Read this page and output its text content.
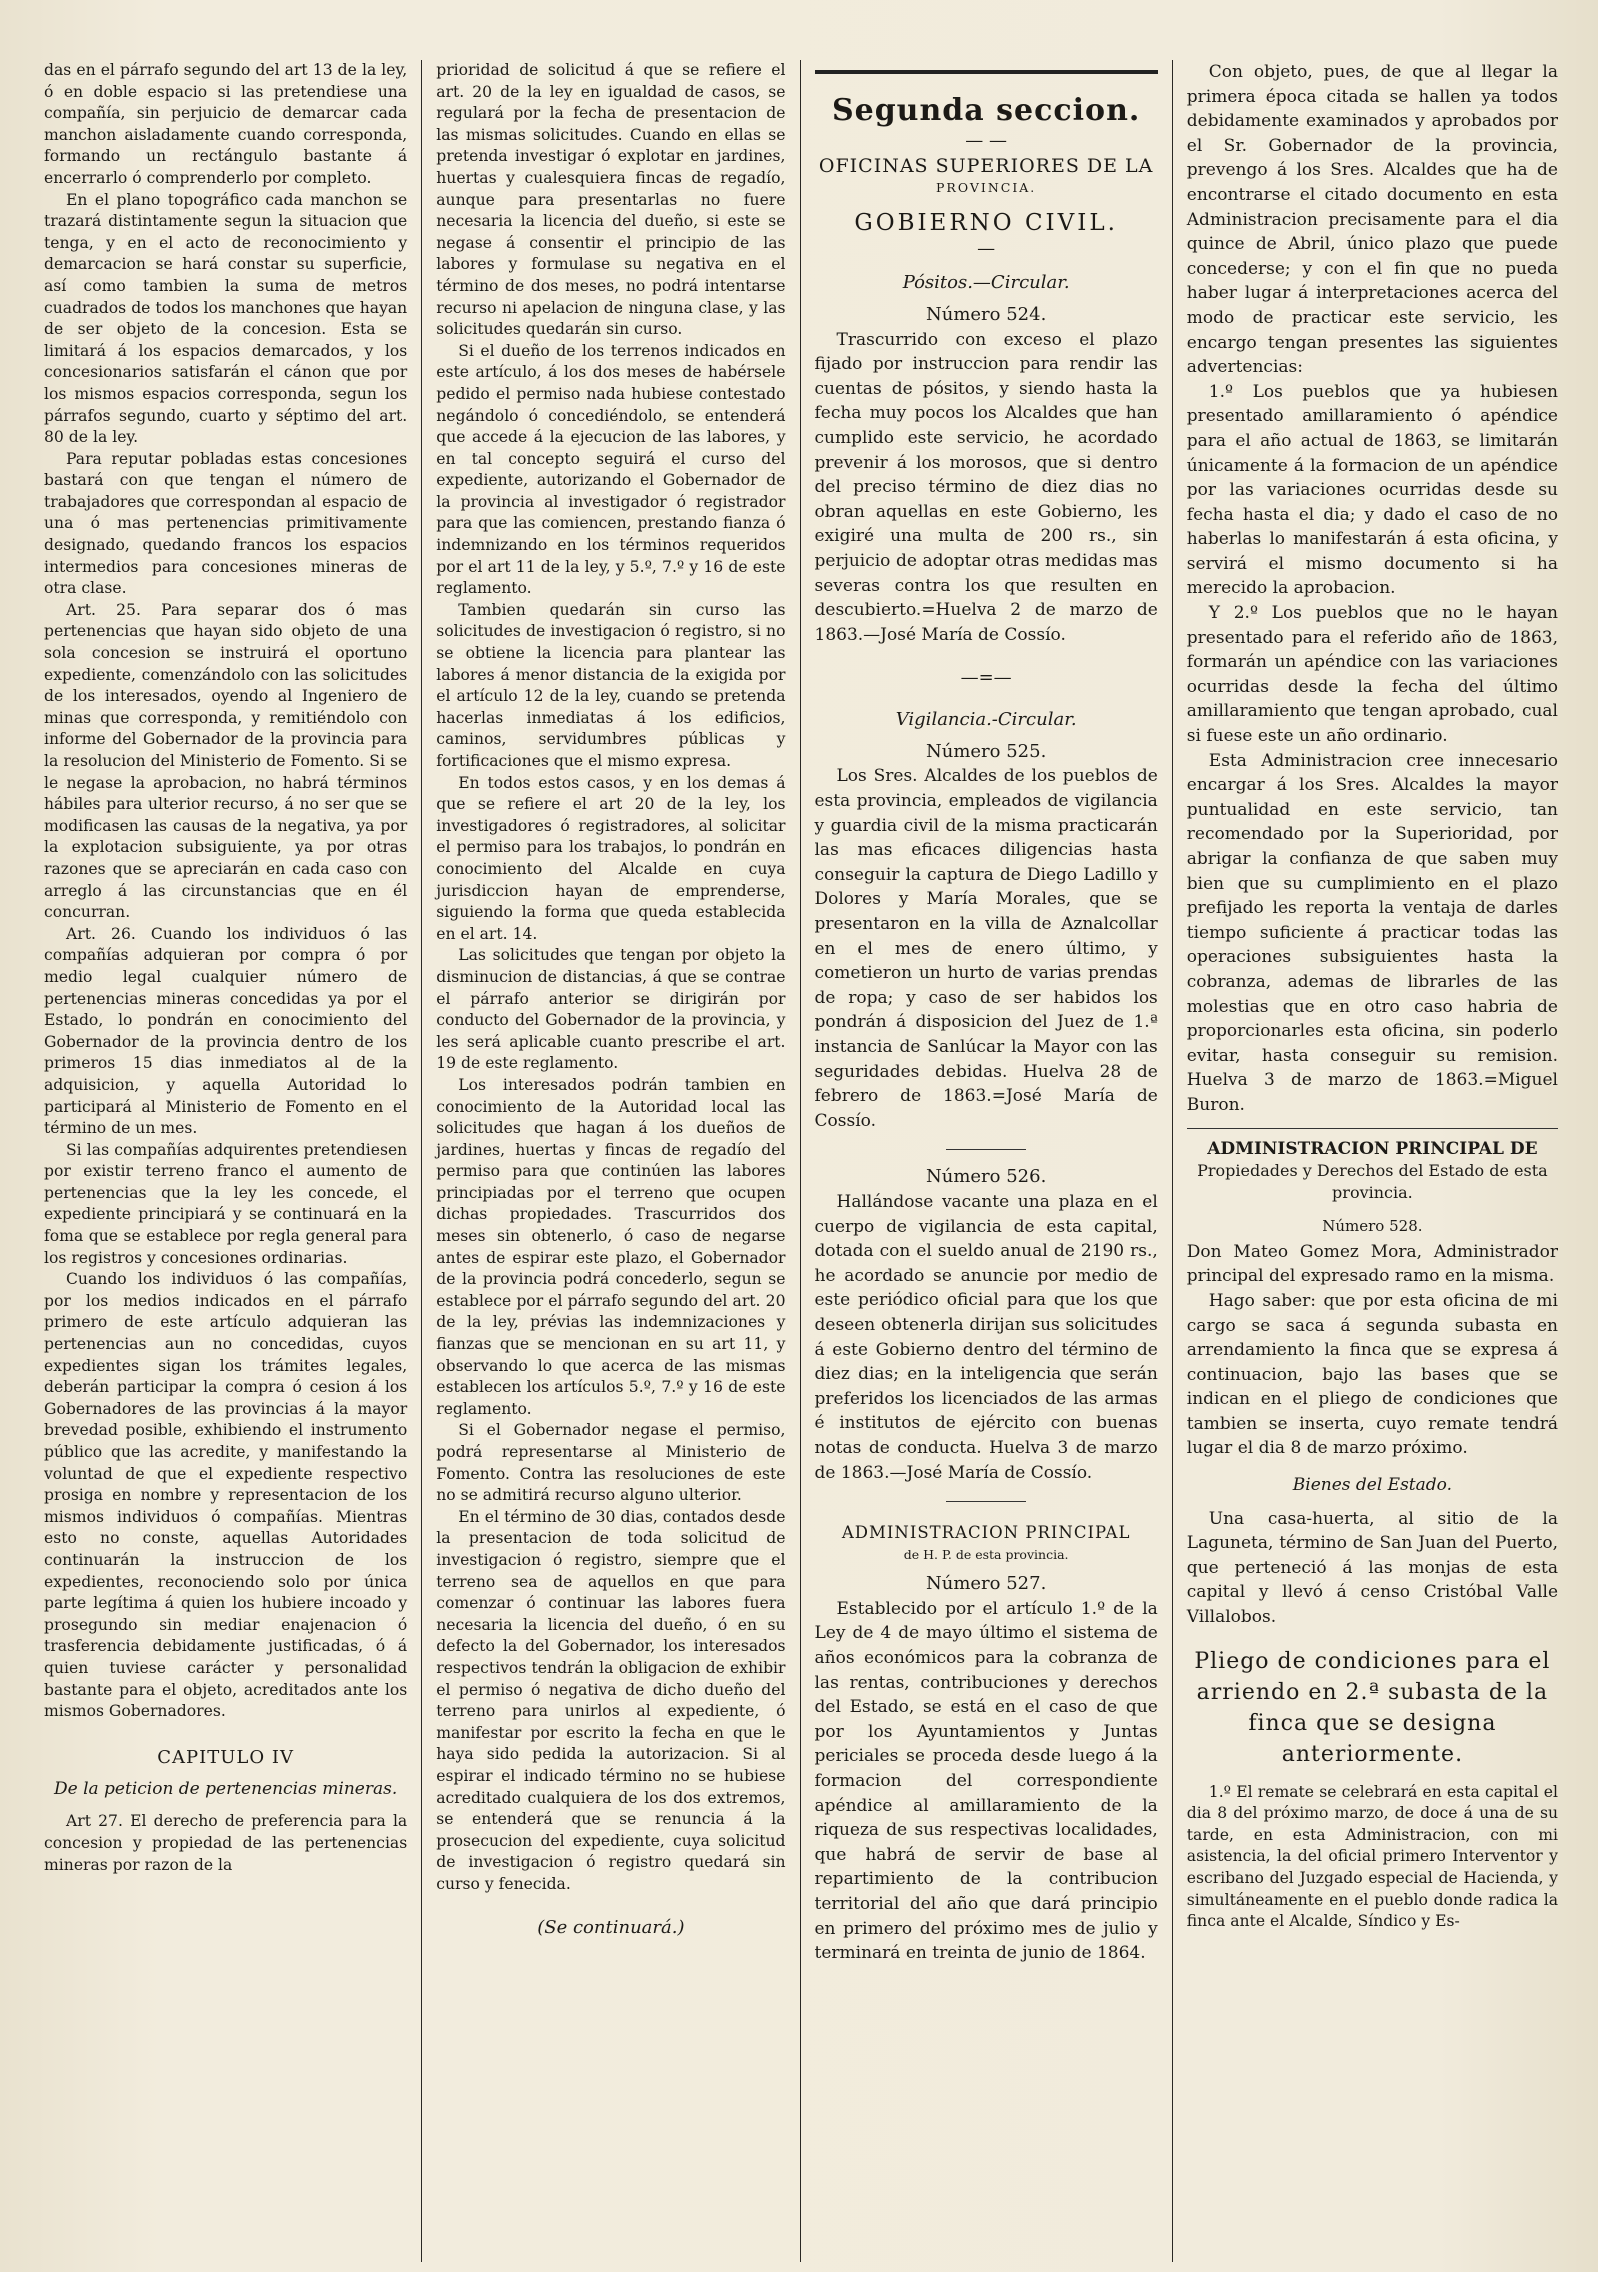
das en el párrafo segundo del art 13 de la ley, ó en doble espacio si las pretendiese una compañía, sin perjuicio de demarcar cada manchon aisladamente cuando corresponda, formando un rectángulo bastante á encerrarlo ó comprenderlo por completo.

En el plano topográfico cada manchon se trazará distintamente segun la situacion que tenga, y en el acto de reconocimiento y demarcacion se hará constar su superficie, así como tambien la suma de metros cuadrados de todos los manchones que hayan de ser objeto de la concesion. Esta se limitará á los espacios demarcados, y los concesionarios satisfarán el cánon que por los mismos espacios corresponda, segun los párrafos segundo, cuarto y séptimo del art. 80 de la ley.

Para reputar pobladas estas concesiones bastará con que tengan el número de trabajadores que correspondan al espacio de una ó mas pertenencias primitivamente designado, quedando francos los espacios intermedios para concesiones mineras de otra clase.

Art. 25. Para separar dos ó mas pertenencias que hayan sido objeto de una sola concesion se instruirá el oportuno expediente, comenzándolo con las solicitudes de los interesados, oyendo al Ingeniero de minas que corresponda, y remitiéndolo con informe del Gobernador de la provincia para la resolucion del Ministerio de Fomento. Si se le negase la aprobacion, no habrá términos hábiles para ulterior recurso, á no ser que se modificasen las causas de la negativa, ya por la explotacion subsiguiente, ya por otras razones que se apreciarán en cada caso con arreglo á las circunstancias que en él concurran.

Art. 26. Cuando los individuos ó las compañías adquieran por compra ó por medio legal cualquier número de pertenencias mineras concedidas ya por el Estado, lo pondrán en conocimiento del Gobernador de la provincia dentro de los primeros 15 dias inmediatos al de la adquisicion, y aquella Autoridad lo participará al Ministerio de Fomento en el término de un mes.

Si las compañías adquirentes pretendiesen por existir terreno franco el aumento de pertenencias que la ley les concede, el expediente principiará y se continuará en la foma que se establece por regla general para los registros y concesiones ordinarias.

Cuando los individuos ó las compañías, por los medios indicados en el párrafo primero de este artículo adquieran las pertenencias aun no concedidas, cuyos expedientes sigan los trámites legales, deberán participar la compra ó cesion á los Gobernadores de las provincias á la mayor brevedad posible, exhibiendo el instrumento público que las acredite, y manifestando la voluntad de que el expediente respectivo prosiga en nombre y representacion de los mismos individuos ó compañías. Mientras esto no conste, aquellas Autoridades continuarán la instruccion de los expedientes, reconociendo solo por única parte legítima á quien los hubiere incoado y prosegundo sin mediar enajenacion ó trasferencia debidamente justificadas, ó á quien tuviese carácter y personalidad bastante para el objeto, acreditados ante los mismos Gobernadores.

CAPITULO IV
De la peticion de pertenencias mineras.

Art 27. El derecho de preferencia para la concesion y propiedad de las pertenencias mineras por razon de la

prioridad de solicitud á que se refiere el art. 20 de la ley en igualdad de casos, se regulará por la fecha de presentacion de las mismas solicitudes. Cuando en ellas se pretenda investigar ó explotar en jardines, huertas y cualesquiera fincas de regadío, aunque para presentarlas no fuere necesaria la licencia del dueño, si este se negase á consentir el principio de las labores y formulase su negativa en el término de dos meses, no podrá intentarse recurso ni apelacion de ninguna clase, y las solicitudes quedarán sin curso.

Si el dueño de los terrenos indicados en este artículo, á los dos meses de habérsele pedido el permiso nada hubiese contestado negándolo ó concediéndolo, se entenderá que accede á la ejecucion de las labores, y en tal concepto seguirá el curso del expediente, autorizando el Gobernador de la provincia al investigador ó registrador para que las comiencen, prestando fianza ó indemnizando en los términos requeridos por el art 11 de la ley, y 5.º, 7.º y 16 de este reglamento.

Tambien quedarán sin curso las solicitudes de investigacion ó registro, si no se obtiene la licencia para plantear las labores á menor distancia de la exigida por el artículo 12 de la ley, cuando se pretenda hacerlas inmediatas á los edificios, caminos, servidumbres públicas y fortificaciones que el mismo expresa.

En todos estos casos, y en los demas á que se refiere el art 20 de la ley, los investigadores ó registradores, al solicitar el permiso para los trabajos, lo pondrán en conocimiento del Alcalde en cuya jurisdiccion hayan de emprenderse, siguiendo la forma que queda establecida en el art. 14.

Las solicitudes que tengan por objeto la disminucion de distancias, á que se contrae el párrafo anterior se dirigirán por conducto del Gobernador de la provincia, y les será aplicable cuanto prescribe el art. 19 de este reglamento.

Los interesados podrán tambien en conocimiento de la Autoridad local las solicitudes que hagan á los dueños de jardines, huertas y fincas de regadío del permiso para que continúen las labores principiadas por el terreno que ocupen dichas propiedades. Trascurridos dos meses sin obtenerlo, ó caso de negarse antes de espirar este plazo, el Gobernador de la provincia podrá concederlo, segun se establece por el párrafo segundo del art. 20 de la ley, prévias las indemnizaciones y fianzas que se mencionan en su art 11, y observando lo que acerca de las mismas establecen los artículos 5.º, 7.º y 16 de este reglamento.

Si el Gobernador negase el permiso, podrá representarse al Ministerio de Fomento. Contra las resoluciones de este no se admitirá recurso alguno ulterior.

En el término de 30 dias, contados desde la presentacion de toda solicitud de investigacion ó registro, siempre que el terreno sea de aquellos en que para comenzar ó continuar las labores fuera necesaria la licencia del dueño, ó en su defecto la del Gobernador, los interesados respectivos tendrán la obligacion de exhibir el permiso ó negativa de dicho dueño del terreno para unirlos al expediente, ó manifestar por escrito la fecha en que le haya sido pedida la autorizacion. Si al espirar el indicado término no se hubiese acreditado cualquiera de los dos extremos, se entenderá que se renuncia á la prosecucion del expediente, cuya solicitud de investigacion ó registro quedará sin curso y fenecida.

(Se continuará.)
Segunda seccion.
— —
OFICINAS SUPERIORES DE LA
PROVINCIA.
GOBIERNO CIVIL.
—
Pósitos.—Circular.
Número 524.

Trascurrido con exceso el plazo fijado por instruccion para rendir las cuentas de pósitos, y siendo hasta la fecha muy pocos los Alcaldes que han cumplido este servicio, he acordado prevenir á los morosos, que si dentro del preciso término de diez dias no obran aquellas en este Gobierno, les exigiré una multa de 200 rs., sin perjuicio de adoptar otras medidas mas severas contra los que resulten en descubierto.=Huelva 2 de marzo de 1863.—José María de Cossío.

—=—
Vigilancia.-Circular.
Número 525.

Los Sres. Alcaldes de los pueblos de esta provincia, empleados de vigilancia y guardia civil de la misma practicarán las mas eficaces diligencias hasta conseguir la captura de Diego Ladillo y Dolores y María Morales, que se presentaron en la villa de Aznalcollar en el mes de enero último, y cometieron un hurto de varias prendas de ropa; y caso de ser habidos los pondrán á disposicion del Juez de 1.ª instancia de Sanlúcar la Mayor con las seguridades debidas. Huelva 28 de febrero de 1863.=José María de Cossío.

Número 526.

Hallándose vacante una plaza en el cuerpo de vigilancia de esta capital, dotada con el sueldo anual de 2190 rs., he acordado se anuncie por medio de este periódico oficial para que los que deseen obtenerla dirijan sus solicitudes á este Gobierno dentro del término de diez dias; en la inteligencia que serán preferidos los licenciados de las armas é institutos de ejército con buenas notas de conducta. Huelva 3 de marzo de 1863.—José María de Cossío.

ADMINISTRACION PRINCIPAL
de H. P. de esta provincia.
Número 527.

Establecido por el artículo 1.º de la Ley de 4 de mayo último el sistema de años económicos para la cobranza de las rentas, contribuciones y derechos del Estado, se está en el caso de que por los Ayuntamientos y Juntas periciales se proceda desde luego á la formacion del correspondiente apéndice al amillaramiento de la riqueza de sus respectivas localidades, que habrá de servir de base al repartimiento de la contribucion territorial del año que dará principio en primero del próximo mes de julio y terminará en treinta de junio de 1864.

Con objeto, pues, de que al llegar la primera época citada se hallen ya todos debidamente examinados y aprobados por el Sr. Gobernador de la provincia, prevengo á los Sres. Alcaldes que ha de encontrarse el citado documento en esta Administracion precisamente para el dia quince de Abril, único plazo que puede concederse; y con el fin que no pueda haber lugar á interpretaciones acerca del modo de practicar este servicio, les encargo tengan presentes las siguientes advertencias:

1.º Los pueblos que ya hubiesen presentado amillaramiento ó apéndice para el año actual de 1863, se limitarán únicamente á la formacion de un apéndice por las variaciones ocurridas desde su fecha hasta el dia; y dado el caso de no haberlas lo manifestarán á esta oficina, y servirá el mismo documento si ha merecido la aprobacion.

Y 2.º Los pueblos que no le hayan presentado para el referido año de 1863, formarán un apéndice con las variaciones ocurridas desde la fecha del último amillaramiento que tengan aprobado, cual si fuese este un año ordinario.

Esta Administracion cree innecesario encargar á los Sres. Alcaldes la mayor puntualidad en este servicio, tan recomendado por la Superioridad, por abrigar la confianza de que saben muy bien que su cumplimiento en el plazo prefijado les reporta la ventaja de darles tiempo suficiente á practicar todas las operaciones subsiguientes hasta la cobranza, ademas de librarles de las molestias que en otro caso habria de proporcionarles esta oficina, sin poderlo evitar, hasta conseguir su remision. Huelva 3 de marzo de 1863.=Miguel Buron.

ADMINISTRACION PRINCIPAL DE
Propiedades y Derechos del Estado de esta provincia.
Número 528.

Don Mateo Gomez Mora, Administrador principal del expresado ramo en la misma.

Hago saber: que por esta oficina de mi cargo se saca á segunda subasta en arrendamiento la finca que se expresa á continuacion, bajo las bases que se indican en el pliego de condiciones que tambien se inserta, cuyo remate tendrá lugar el dia 8 de marzo próximo.

Bienes del Estado.

Una casa-huerta, al sitio de la Laguneta, término de San Juan del Puerto, que perteneció á las monjas de esta capital y llevó á censo Cristóbal Valle Villalobos.

Pliego de condiciones para el arriendo en 2.ª subasta de la finca que se designa anteriormente.

1.º El remate se celebrará en esta capital el dia 8 del próximo marzo, de doce á una de su tarde, en esta Administracion, con mi asistencia, la del oficial primero Interventor y escribano del Juzgado especial de Hacienda, y simultáneamente en el pueblo donde radica la finca ante el Alcalde, Síndico y Es-
